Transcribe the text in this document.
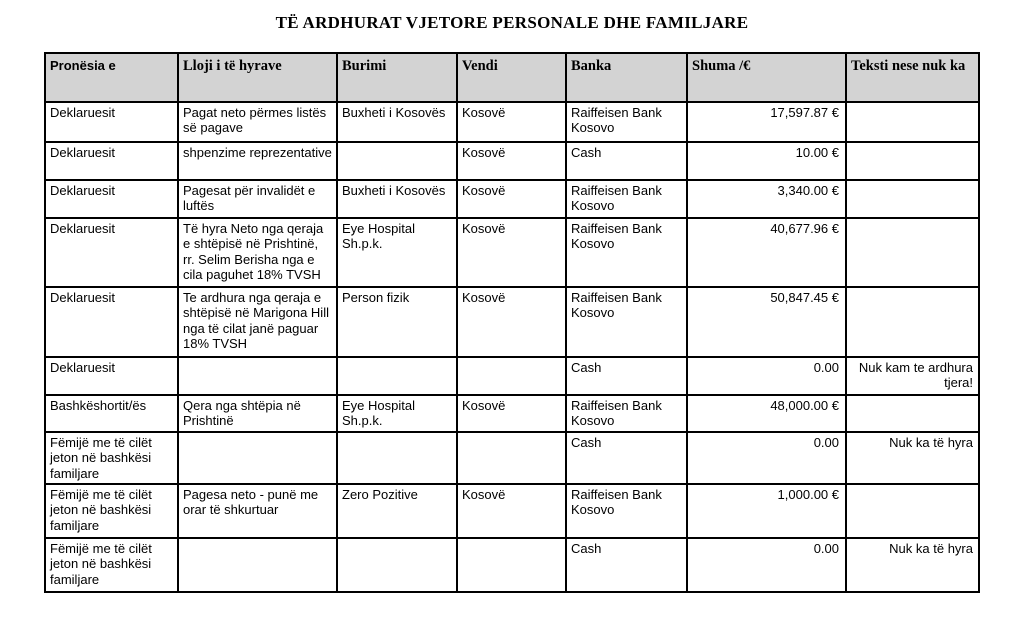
TË ARDHURAT VJETORE PERSONALE DHE FAMILJARE
Pronësia e	Lloji i të hyrave	Burimi	Vendi	Banka	Shuma /€	Teksti nese nuk ka
Deklaruesit	Pagat neto përmes listës së pagave	Buxheti i Kosovës	Kosovë	Raiffeisen Bank Kosovo	17,597.87 €	
Deklaruesit	shpenzime reprezentative		Kosovë	Cash	10.00 €	
Deklaruesit	Pagesat për invalidët e luftës	Buxheti i Kosovës	Kosovë	Raiffeisen Bank Kosovo	3,340.00 €	
Deklaruesit	Të hyra Neto nga qeraja e shtëpisë në Prishtinë, rr. Selim Berisha nga e cila paguhet 18% TVSH	Eye Hospital Sh.p.k.	Kosovë	Raiffeisen Bank Kosovo	40,677.96 €	
Deklaruesit	Te ardhura nga qeraja e shtëpisë në Marigona Hill nga të cilat janë paguar 18% TVSH	Person fizik	Kosovë	Raiffeisen Bank Kosovo	50,847.45 €	
Deklaruesit				Cash	0.00	Nuk kam te ardhura tjera!
Bashkëshortit/ës	Qera nga shtëpia në Prishtinë	Eye Hospital Sh.p.k.	Kosovë	Raiffeisen Bank Kosovo	48,000.00 €	
Fëmijë me të cilët jeton në bashkësi familjare				Cash	0.00	Nuk ka të hyra
Fëmijë me të cilët jeton në bashkësi familjare	Pagesa neto - punë me orar të shkurtuar	Zero Pozitive	Kosovë	Raiffeisen Bank Kosovo	1,000.00 €	
Fëmijë me të cilët jeton në bashkësi familjare				Cash	0.00	Nuk ka të hyra
